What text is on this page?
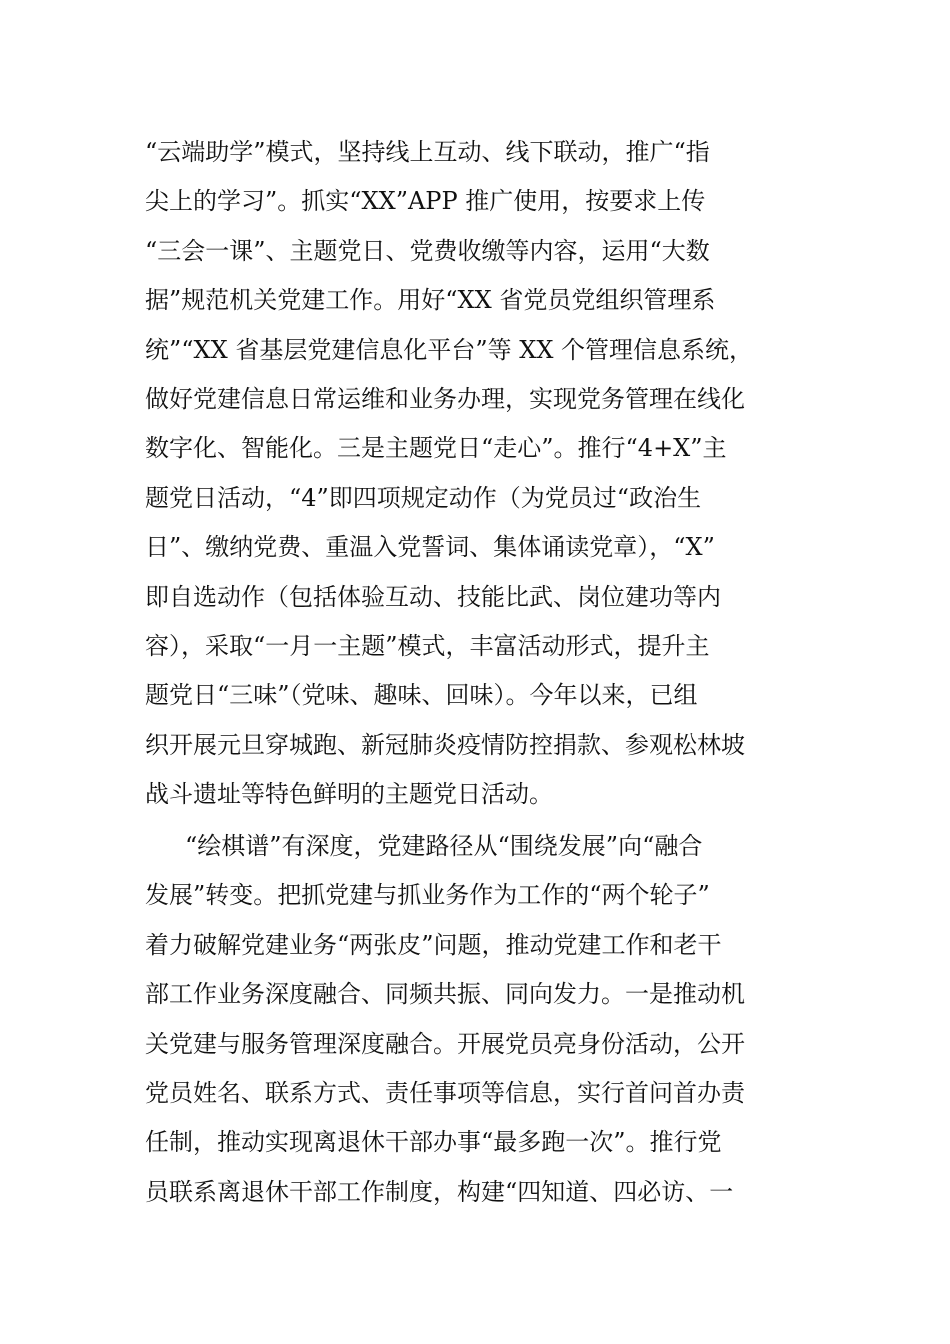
“云端助学”模式，坚持线上互动、线下联动，推广“指
尖上的学习”。抓实“XX”APP 推广使用，按要求上传
“三会一课”、主题党日、党费收缴等内容，运用“大数
据”规范机关党建工作。用好“XX 省党员党组织管理系
统”“XX 省基层党建信息化平台”等 XX 个管理信息系统，
做好党建信息日常运维和业务办理，实现党务管理在线化
数字化、智能化。三是主题党日“走心”。推行“4+X”主
题党日活动，“4”即四项规定动作（为党员过“政治生
日”、缴纳党费、重温入党誓词、集体诵读党章），“X”
即自选动作（包括体验互动、技能比武、岗位建功等内
容），采取“一月一主题”模式，丰富活动形式，提升主
题党日“三味”（党味、趣味、回味）。今年以来，已组
织开展元旦穿城跑、新冠肺炎疫情防控捐款、参观松林坡
战斗遗址等特色鲜明的主题党日活动。
“绘棋谱”有深度，党建路径从“围绕发展”向“融合
发展”转变。把抓党建与抓业务作为工作的“两个轮子”
着力破解党建业务“两张皮”问题，推动党建工作和老干
部工作业务深度融合、同频共振、同向发力。一是推动机
关党建与服务管理深度融合。开展党员亮身份活动，公开
党员姓名、联系方式、责任事项等信息，实行首问首办责
任制，推动实现离退休干部办事“最多跑一次”。推行党
员联系离退休干部工作制度，构建“四知道、四必访、一
